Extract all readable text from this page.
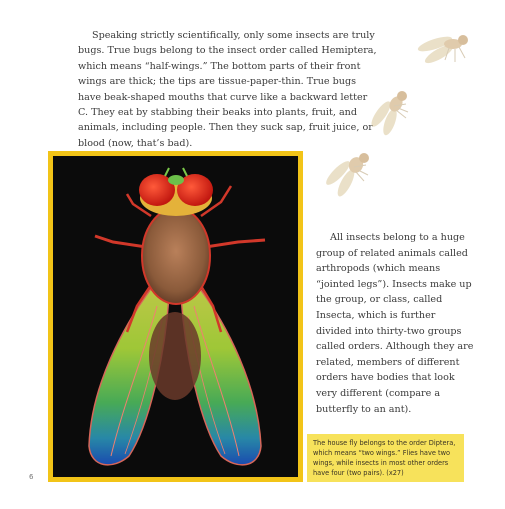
Speaking strictly scientifically, only some insects are truly bugs. True bugs belong to the insect order called Hemiptera, which means “half-wings.” The bottom parts of their front wings are thick; the tips are tissue-paper-thin. True bugs have beak-shaped mouths that curve like a backward letter C. They eat by stabbing their beaks into plants, fruit, and animals, including people. Then they suck sap, fruit juice, or blood (now, that’s bad).

All insects belong to a huge group of related animals called arthropods (which means “jointed legs”). Insects make up the group, or class, called Insecta, which is further divided into thirty-two groups called orders. Although they are related, members of different orders have bodies that look very different (compare a butterfly to an ant).

The house fly belongs to the order Diptera, which means “two wings.” Flies have two wings, while insects in most other orders have four (two pairs). (x27)
6
